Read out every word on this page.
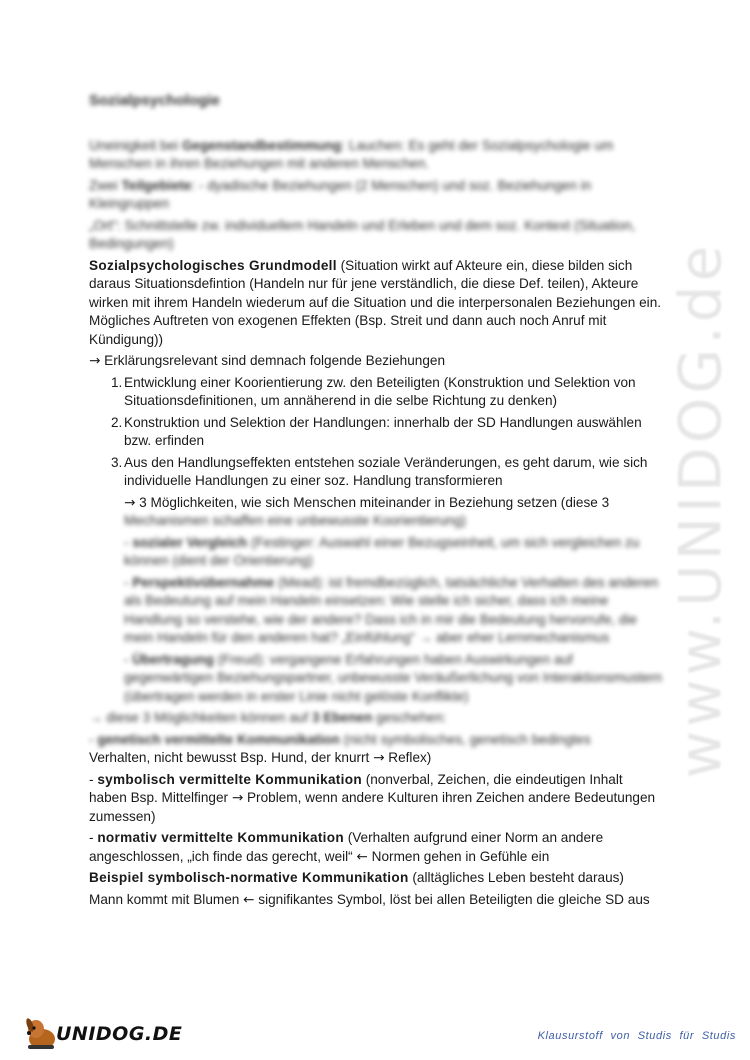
www.UNIDOG.de
Sozialpsychologie

Uneinigkeit bei Gegenstandbestimmung: Lauchen: Es geht der Sozialpsychologie um Menschen in ihren Beziehungen mit anderen Menschen.

Zwei Teilgebiete: - dyadische Beziehungen (2 Menschen) und soz. Beziehungen in Kleingruppen

„Ort“: Schnittstelle zw. individuellem Handeln und Erleben und dem soz. Kontext (Situation, Bedingungen)

Sozialpsychologisches Grundmodell (Situation wirkt auf Akteure ein, diese bilden sich daraus Situationsdefintion (Handeln nur für jene verständlich, die diese Def. teilen), Akteure wirken mit ihrem Handeln wiederum auf die Situation und die interpersonalen Beziehungen ein. Mögliches Auftreten von exogenen Effekten (Bsp. Streit und dann auch noch Anruf mit Kündigung))

→ Erklärungsrelevant sind demnach folgende Beziehungen

1. Entwicklung einer Koorientierung zw. den Beteiligten (Konstruktion und Selektion von Situationsdefinitionen, um annäherend in die selbe Richtung zu denken)
2. Konstruktion und Selektion der Handlungen: innerhalb der SD Handlungen auswählen bzw. erfinden
3. Aus den Handlungseffekten entstehen soziale Veränderungen, es geht darum, wie sich individuelle Handlungen zu einer soz. Handlung transformieren

→ 3 Möglichkeiten, wie sich Menschen miteinander in Beziehung setzen (diese 3

Mechanismen schaffen eine unbewusste Koorientierung)

- sozialer Vergleich (Festinger: Auswahl einer Bezugseinheit, um sich vergleichen zu können (dient der Orientierung)

- Perspektivübernahme (Mead): ist fremdbezüglich, tatsächliche Verhalten des anderen als Bedeutung auf mein Handeln einsetzen: Wie stelle ich sicher, dass ich meine Handlung so verstehe, wie der andere? Dass ich in mir die Bedeutung hervorrufe, die mein Handeln für den anderen hat? „Einfühlung“ → aber eher Lernmechanismus

- Übertragung (Freud): vergangene Erfahrungen haben Auswirkungen auf gegenwärtigen Beziehungspartner, unbewusste Veräußerlichung von Interaktionsmustern (übertragen werden in erster Linie nicht gelöste Konflikte)

→ diese 3 Möglichkeiten können auf 3 Ebenen geschehen:

- genetisch vermittelte Kommunikation (nicht symbolisches, genetisch bedingtes

Verhalten, nicht bewusst Bsp. Hund, der knurrt → Reflex)

- symbolisch vermittelte Kommunikation (nonverbal, Zeichen, die eindeutigen Inhalt haben Bsp. Mittelfinger → Problem, wenn andere Kulturen ihren Zeichen andere Bedeutungen zumessen)

- normativ vermittelte Kommunikation (Verhalten aufgrund einer Norm an andere angeschlossen, „ich finde das gerecht, weil“ ← Normen gehen in Gefühle ein

Beispiel symbolisch-normative Kommunikation (alltägliches Leben besteht daraus)

Mann kommt mit Blumen ← signifikantes Symbol, löst bei allen Beteiligten die gleiche SD aus

UNIDOG.DE	Klausurstoff von Studis für Studis
